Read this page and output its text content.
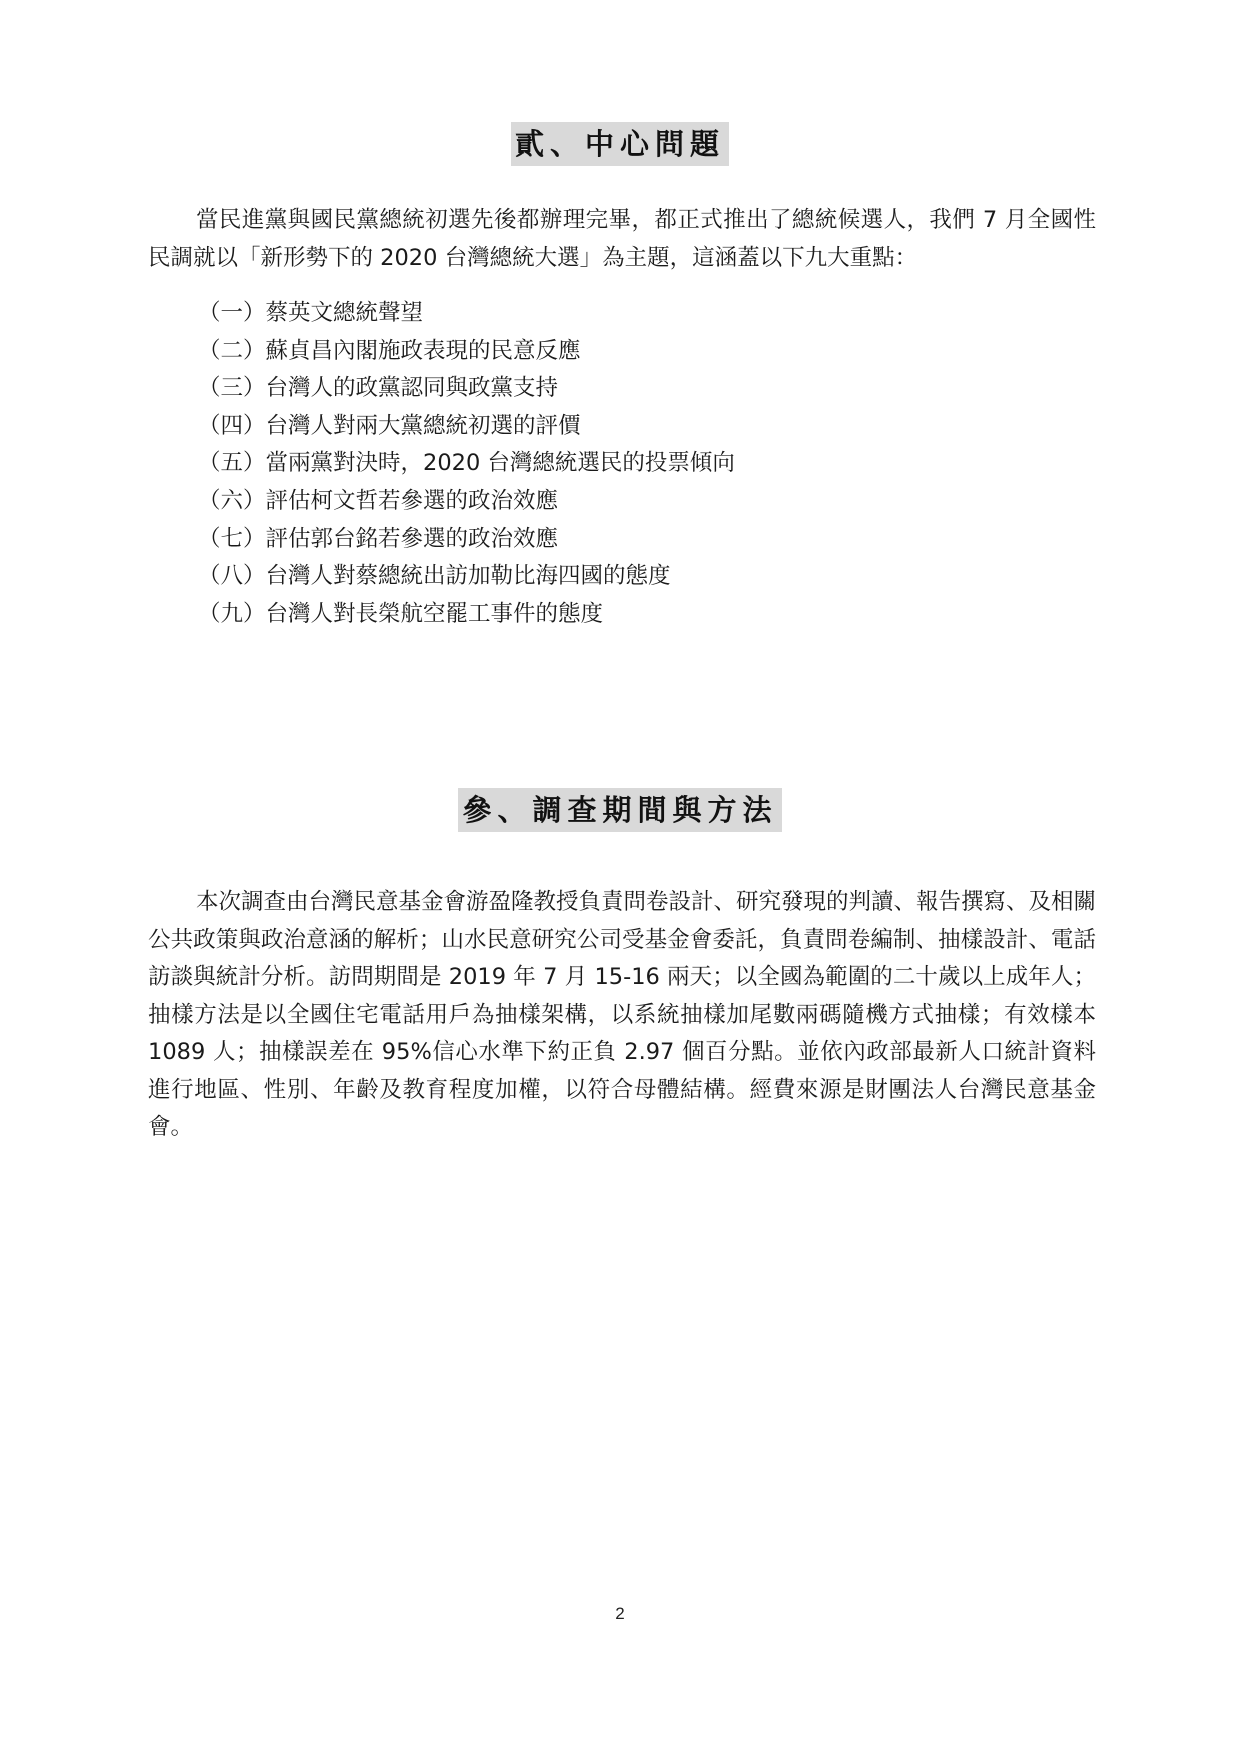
貳、中心問題

當民進黨與國民黨總統初選先後都辦理完畢，都正式推出了總統候選人，我們 7 月全國性民調就以「新形勢下的 2020 台灣總統大選」為主題，這涵蓋以下九大重點：

（一）蔡英文總統聲望
（二）蘇貞昌內閣施政表現的民意反應
（三）台灣人的政黨認同與政黨支持
（四）台灣人對兩大黨總統初選的評價
（五）當兩黨對決時，2020 台灣總統選民的投票傾向
（六）評估柯文哲若參選的政治效應
（七）評估郭台銘若參選的政治效應
（八）台灣人對蔡總統出訪加勒比海四國的態度
（九）台灣人對長榮航空罷工事件的態度
參、調查期間與方法

本次調查由台灣民意基金會游盈隆教授負責問卷設計、研究發現的判讀、報告撰寫、及相關公共政策與政治意涵的解析；山水民意研究公司受基金會委託，負責問卷編制、抽樣設計、電話訪談與統計分析。訪問期間是 2019 年 7 月 15-16 兩天；以全國為範圍的二十歲以上成年人；抽樣方法是以全國住宅電話用戶為抽樣架構，以系統抽樣加尾數兩碼隨機方式抽樣；有效樣本 1089 人；抽樣誤差在 95%信心水準下約正負 2.97 個百分點。並依內政部最新人口統計資料進行地區、性別、年齡及教育程度加權，以符合母體結構。經費來源是財團法人台灣民意基金會。

2
